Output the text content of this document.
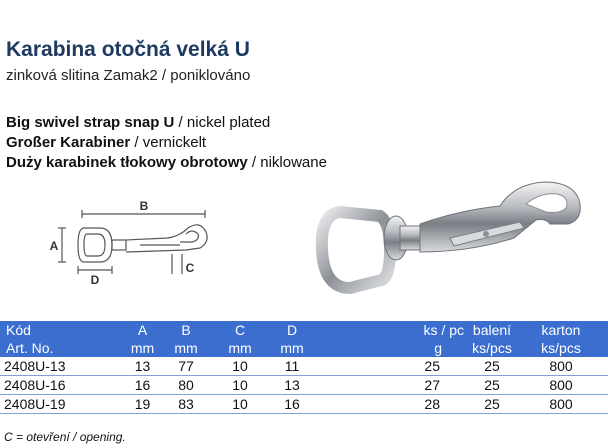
Karabina otočná velká U
zinková slitina Zamak2 / poniklováno
Big swivel strap snap U / nickel plated
Großer Karabiner / vernickelt
Duży karabinek tłokowy obrotowy / niklowane
B
A
D
C
Kód	A	B	C	D	ks / pc	balení	karton
Art. No.	mm	mm	mm	mm	g	ks/pcs	ks/pcs
2408U-13	13	77	10	11	25	25	800
2408U-16	16	80	10	13	27	25	800
2408U-19	19	83	10	16	28	25	800
C = otevření / opening.
